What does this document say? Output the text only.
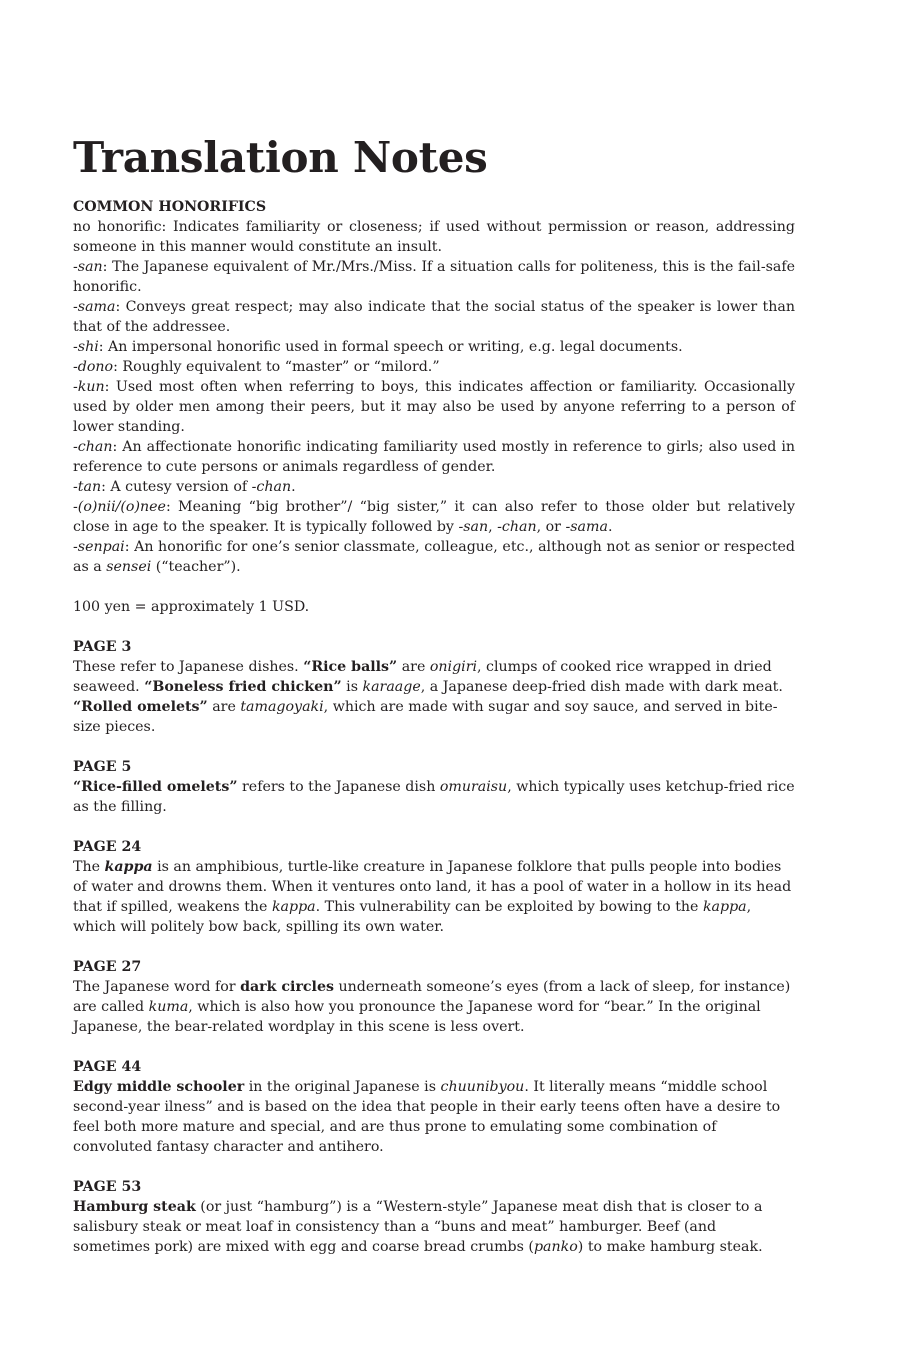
Translation Notes
COMMON HONORIFICS

no honorific: Indicates familiarity or closeness; if used without permission or reason, addressing someone in this manner would constitute an insult.

-san: The Japanese equivalent of Mr./Mrs./Miss. If a situation calls for politeness, this is the fail-safe honorific.

-sama: Conveys great respect; may also indicate that the social status of the speaker is lower than that of the addressee.

-shi: An impersonal honorific used in formal speech or writing, e.g. legal documents.

-dono: Roughly equivalent to “master” or “milord.”

-kun: Used most often when referring to boys, this indicates affection or familiarity. Occasionally used by older men among their peers, but it may also be used by anyone referring to a person of lower standing.

-chan: An affectionate honorific indicating familiarity used mostly in reference to girls; also used in reference to cute persons or animals regardless of gender.

-tan: A cutesy version of -chan.

-(o)nii/(o)nee: Meaning “big brother”/ “big sister,” it can also refer to those older but relatively close in age to the speaker. It is typically followed by -san, -chan, or -sama.

-senpai: An honorific for one’s senior classmate, colleague, etc., although not as senior or respected as a sensei (“teacher”).

100 yen = approximately 1 USD.

PAGE 3

These refer to Japanese dishes. “Rice balls” are onigiri, clumps of cooked rice wrapped in dried seaweed. “Boneless fried chicken” is karaage, a Japanese deep-fried dish made with dark meat. “Rolled omelets” are tamagoyaki, which are made with sugar and soy sauce, and served in bite-size pieces.

PAGE 5

“Rice-filled omelets” refers to the Japanese dish omuraisu, which typically uses ketchup-fried rice as the filling.

PAGE 24

The kappa is an amphibious, turtle-like creature in Japanese folklore that pulls people into bodies of water and drowns them. When it ventures onto land, it has a pool of water in a hollow in its head that if spilled, weakens the kappa. This vulnerability can be exploited by bowing to the kappa, which will politely bow back, spilling its own water.

PAGE 27

The Japanese word for dark circles underneath someone’s eyes (from a lack of sleep, for instance) are called kuma, which is also how you pronounce the Japanese word for “bear.” In the original Japanese, the bear-related wordplay in this scene is less overt.

PAGE 44

Edgy middle schooler in the original Japanese is chuunibyou. It literally means “middle school second-year ilness” and is based on the idea that people in their early teens often have a desire to feel both more mature and special, and are thus prone to emulating some combination of convoluted fantasy character and antihero.

PAGE 53

Hamburg steak (or just “hamburg”) is a “Western-style” Japanese meat dish that is closer to a salisbury steak or meat loaf in consistency than a “buns and meat” hamburger. Beef (and sometimes pork) are mixed with egg and coarse bread crumbs (panko) to make hamburg steak.
